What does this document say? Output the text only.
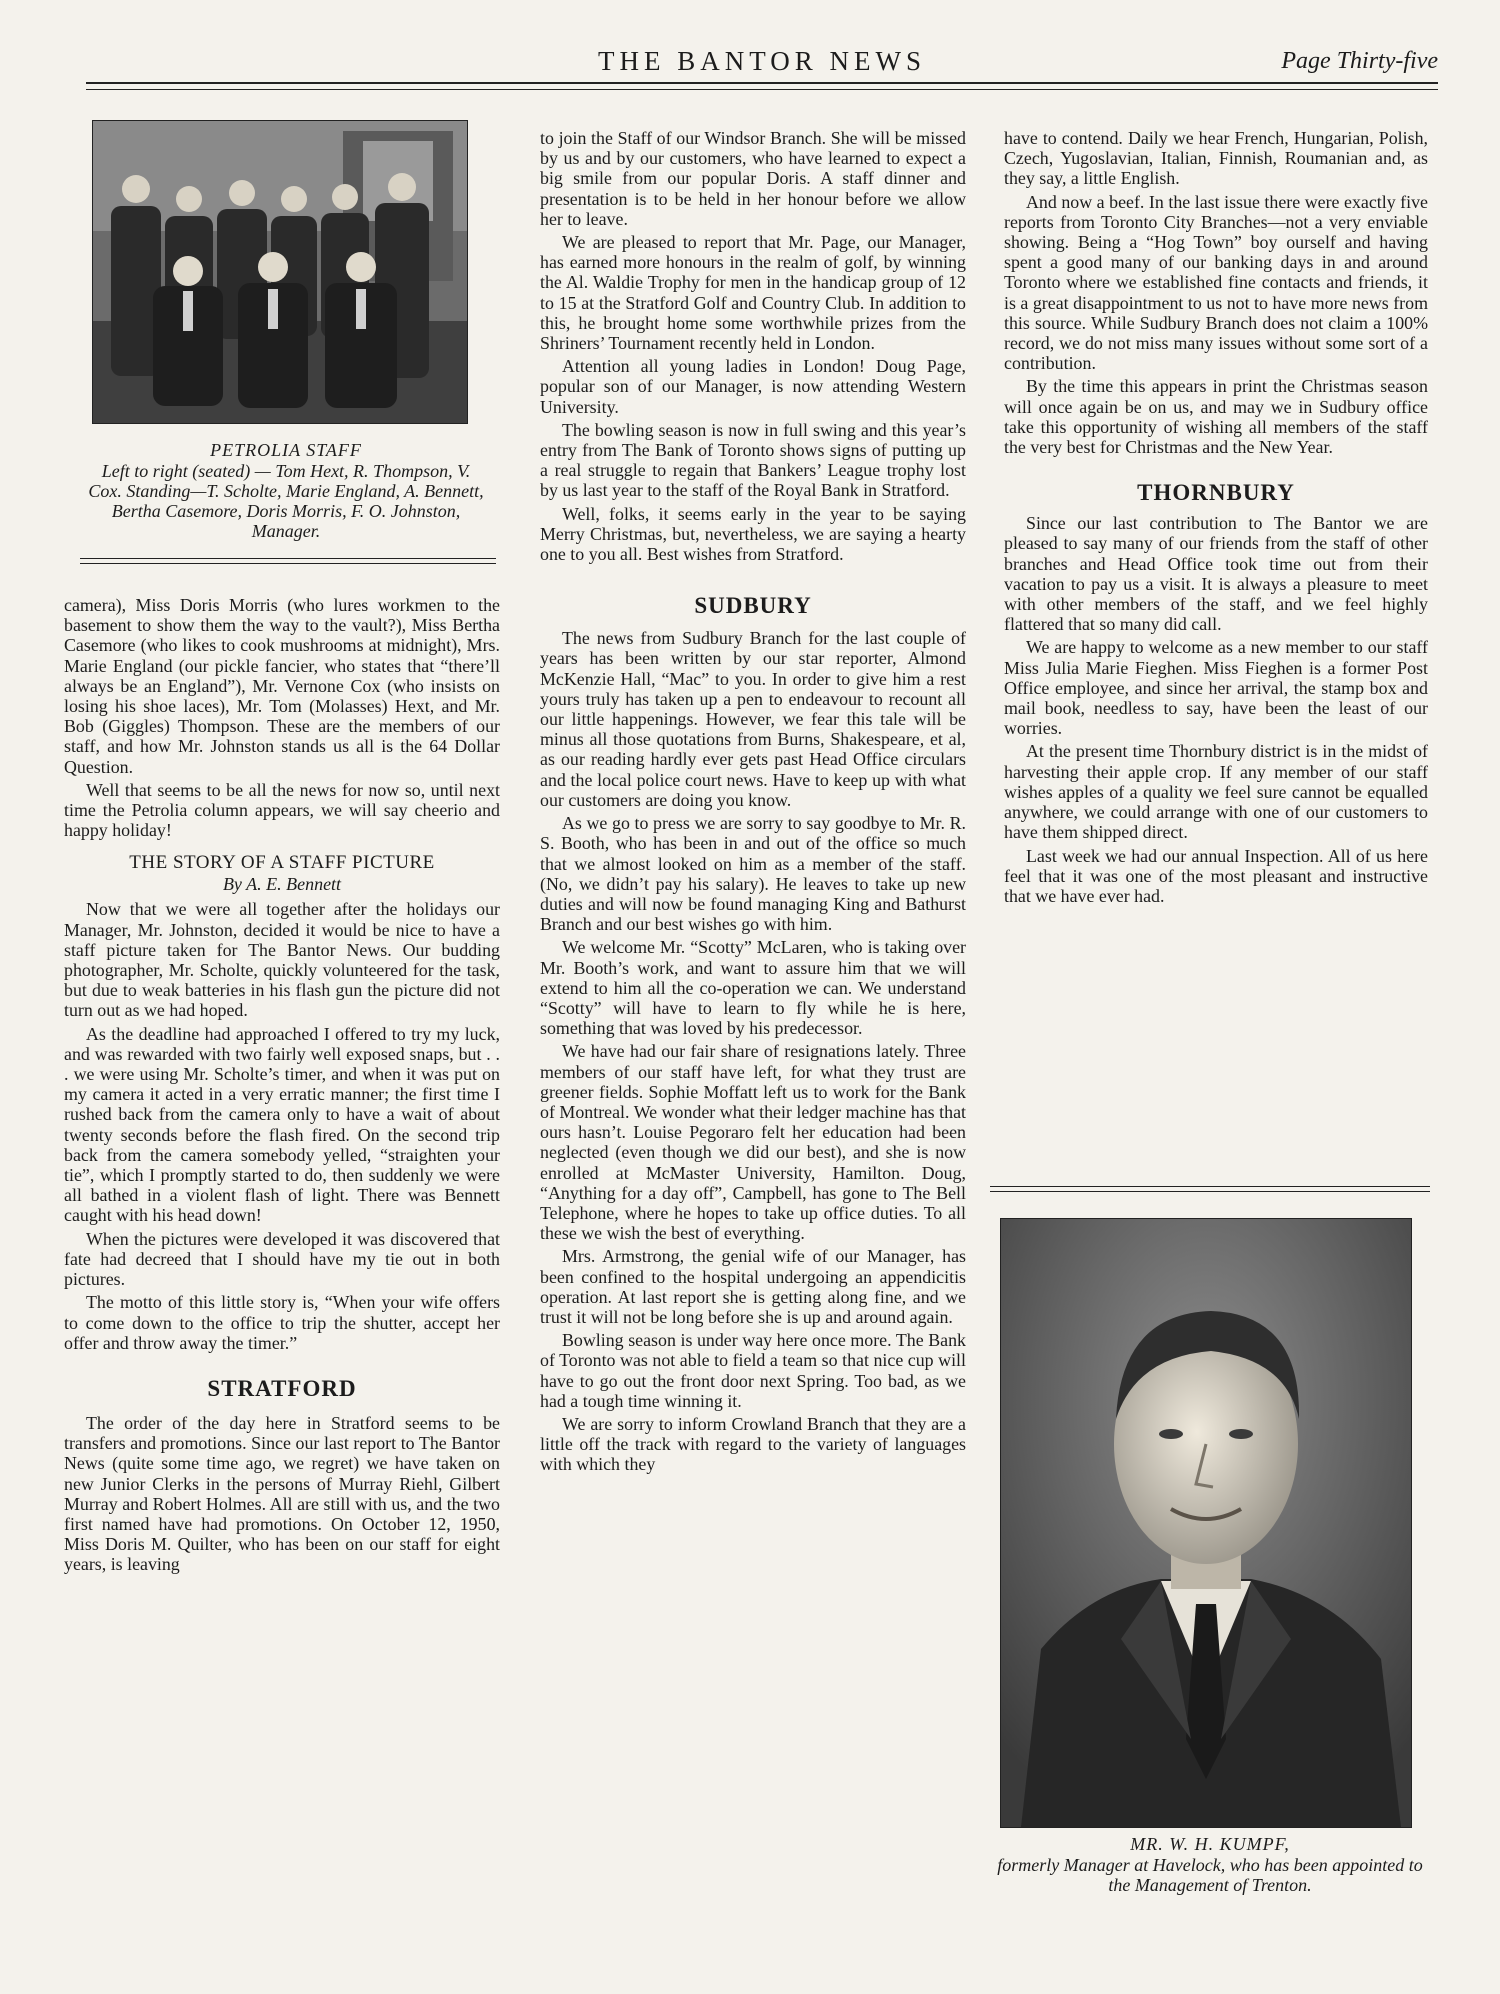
THE BANTOR NEWS	Page Thirty-five
PETROLIA STAFF
Left to right (seated) — Tom Hext, R. Thompson, V. Cox. Standing—T. Scholte, Marie England, A. Bennett, Bertha Casemore, Doris Morris, F. O. Johnston, Manager.

camera), Miss Doris Morris (who lures workmen to the basement to show them the way to the vault?), Miss Bertha Casemore (who likes to cook mushrooms at midnight), Mrs. Marie England (our pickle fancier, who states that “there’ll always be an England”), Mr. Vernone Cox (who insists on losing his shoe laces), Mr. Tom (Molasses) Hext, and Mr. Bob (Giggles) Thompson. These are the members of our staff, and how Mr. Johnston stands us all is the 64 Dollar Question.

Well that seems to be all the news for now so, until next time the Petrolia column appears, we will say cheerio and happy holiday!

THE STORY OF A STAFF PICTURE
By A. E. Bennett

Now that we were all together after the holidays our Manager, Mr. Johnston, decided it would be nice to have a staff picture taken for The Bantor News. Our budding photographer, Mr. Scholte, quickly volunteered for the task, but due to weak batteries in his flash gun the picture did not turn out as we had hoped.

As the deadline had approached I offered to try my luck, and was rewarded with two fairly well exposed snaps, but . . . we were using Mr. Scholte’s timer, and when it was put on my camera it acted in a very erratic manner; the first time I rushed back from the camera only to have a wait of about twenty seconds before the flash fired. On the second trip back from the camera somebody yelled, “straighten your tie”, which I promptly started to do, then suddenly we were all bathed in a violent flash of light. There was Bennett caught with his head down!

When the pictures were developed it was discovered that fate had decreed that I should have my tie out in both pictures.

The motto of this little story is, “When your wife offers to come down to the office to trip the shutter, accept her offer and throw away the timer.”

STRATFORD

The order of the day here in Stratford seems to be transfers and promotions. Since our last report to The Bantor News (quite some time ago, we regret) we have taken on new Junior Clerks in the persons of Murray Riehl, Gilbert Murray and Robert Holmes. All are still with us, and the two first named have had promotions. On October 12, 1950, Miss Doris M. Quilter, who has been on our staff for eight years, is leaving

to join the Staff of our Windsor Branch. She will be missed by us and by our customers, who have learned to expect a big smile from our popular Doris. A staff dinner and presentation is to be held in her honour before we allow her to leave.

We are pleased to report that Mr. Page, our Manager, has earned more honours in the realm of golf, by winning the Al. Waldie Trophy for men in the handicap group of 12 to 15 at the Stratford Golf and Country Club. In addition to this, he brought home some worthwhile prizes from the Shriners’ Tournament recently held in London.

Attention all young ladies in London! Doug Page, popular son of our Manager, is now attending Western University.

The bowling season is now in full swing and this year’s entry from The Bank of Toronto shows signs of putting up a real struggle to regain that Bankers’ League trophy lost by us last year to the staff of the Royal Bank in Stratford.

Well, folks, it seems early in the year to be saying Merry Christmas, but, nevertheless, we are saying a hearty one to you all. Best wishes from Stratford.

SUDBURY

The news from Sudbury Branch for the last couple of years has been written by our star reporter, Almond McKenzie Hall, “Mac” to you. In order to give him a rest yours truly has taken up a pen to endeavour to recount all our little happenings. However, we fear this tale will be minus all those quotations from Burns, Shakespeare, et al, as our reading hardly ever gets past Head Office circulars and the local police court news. Have to keep up with what our customers are doing you know.

As we go to press we are sorry to say goodbye to Mr. R. S. Booth, who has been in and out of the office so much that we almost looked on him as a member of the staff. (No, we didn’t pay his salary). He leaves to take up new duties and will now be found managing King and Bathurst Branch and our best wishes go with him.

We welcome Mr. “Scotty” McLaren, who is taking over Mr. Booth’s work, and want to assure him that we will extend to him all the co-operation we can. We understand “Scotty” will have to learn to fly while he is here, something that was loved by his predecessor.

We have had our fair share of resignations lately. Three members of our staff have left, for what they trust are greener fields. Sophie Moffatt left us to work for the Bank of Montreal. We wonder what their ledger machine has that ours hasn’t. Louise Pegoraro felt her education had been neglected (even though we did our best), and she is now enrolled at McMaster University, Hamilton. Doug, “Anything for a day off”, Campbell, has gone to The Bell Telephone, where he hopes to take up office duties. To all these we wish the best of everything.

Mrs. Armstrong, the genial wife of our Manager, has been confined to the hospital undergoing an appendicitis operation. At last report she is getting along fine, and we trust it will not be long before she is up and around again.

Bowling season is under way here once more. The Bank of Toronto was not able to field a team so that nice cup will have to go out the front door next Spring. Too bad, as we had a tough time winning it.

We are sorry to inform Crowland Branch that they are a little off the track with regard to the variety of languages with which they

have to contend. Daily we hear French, Hungarian, Polish, Czech, Yugoslavian, Italian, Finnish, Roumanian and, as they say, a little English.

And now a beef. In the last issue there were exactly five reports from Toronto City Branches—not a very enviable showing. Being a “Hog Town” boy ourself and having spent a good many of our banking days in and around Toronto where we established fine contacts and friends, it is a great disappointment to us not to have more news from this source. While Sudbury Branch does not claim a 100% record, we do not miss many issues without some sort of a contribution.

By the time this appears in print the Christmas season will once again be on us, and may we in Sudbury office take this opportunity of wishing all members of the staff the very best for Christmas and the New Year.

THORNBURY

Since our last contribution to The Bantor we are pleased to say many of our friends from the staff of other branches and Head Office took time out from their vacation to pay us a visit. It is always a pleasure to meet with other members of the staff, and we feel highly flattered that so many did call.

We are happy to welcome as a new member to our staff Miss Julia Marie Fieghen. Miss Fieghen is a former Post Office employee, and since her arrival, the stamp box and mail book, needless to say, have been the least of our worries.

At the present time Thornbury district is in the midst of harvesting their apple crop. If any member of our staff wishes apples of a quality we feel sure cannot be equalled anywhere, we could arrange with one of our customers to have them shipped direct.

Last week we had our annual Inspection. All of us here feel that it was one of the most pleasant and instructive that we have ever had.

MR. W. H. KUMPF,
formerly Manager at Havelock, who has been appointed to the Management of Trenton.
